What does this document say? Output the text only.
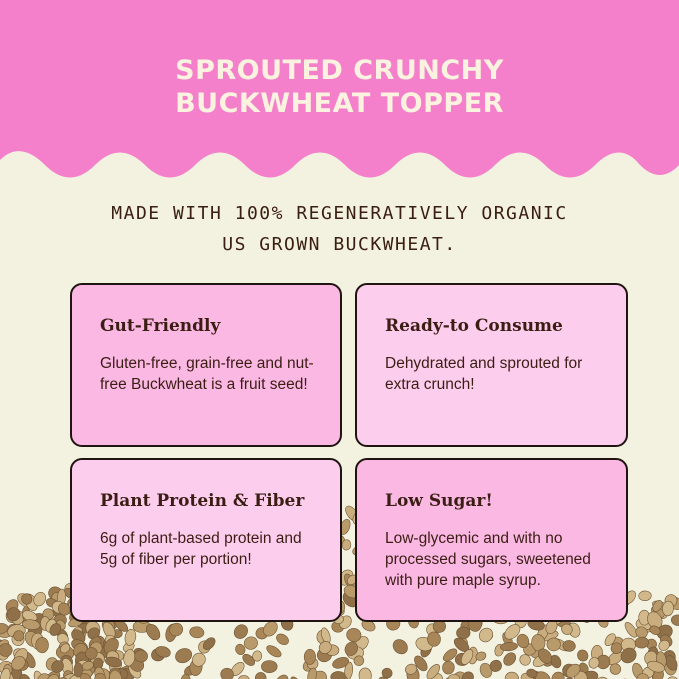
SPROUTED CRUNCHY
BUCKWHEAT TOPPER
MADE WITH 100% REGENERATIVELY ORGANIC
US GROWN BUCKWHEAT.
Gut-Friendly
Gluten-free, grain-free and nut-free Buckwheat is a fruit seed!
Ready-to Consume
Dehydrated and sprouted for extra crunch!
Plant Protein & Fiber
6g of plant-based protein and 5g of fiber per portion!
Low Sugar!
Low-glycemic and with no processed sugars, sweetened with pure maple syrup.
